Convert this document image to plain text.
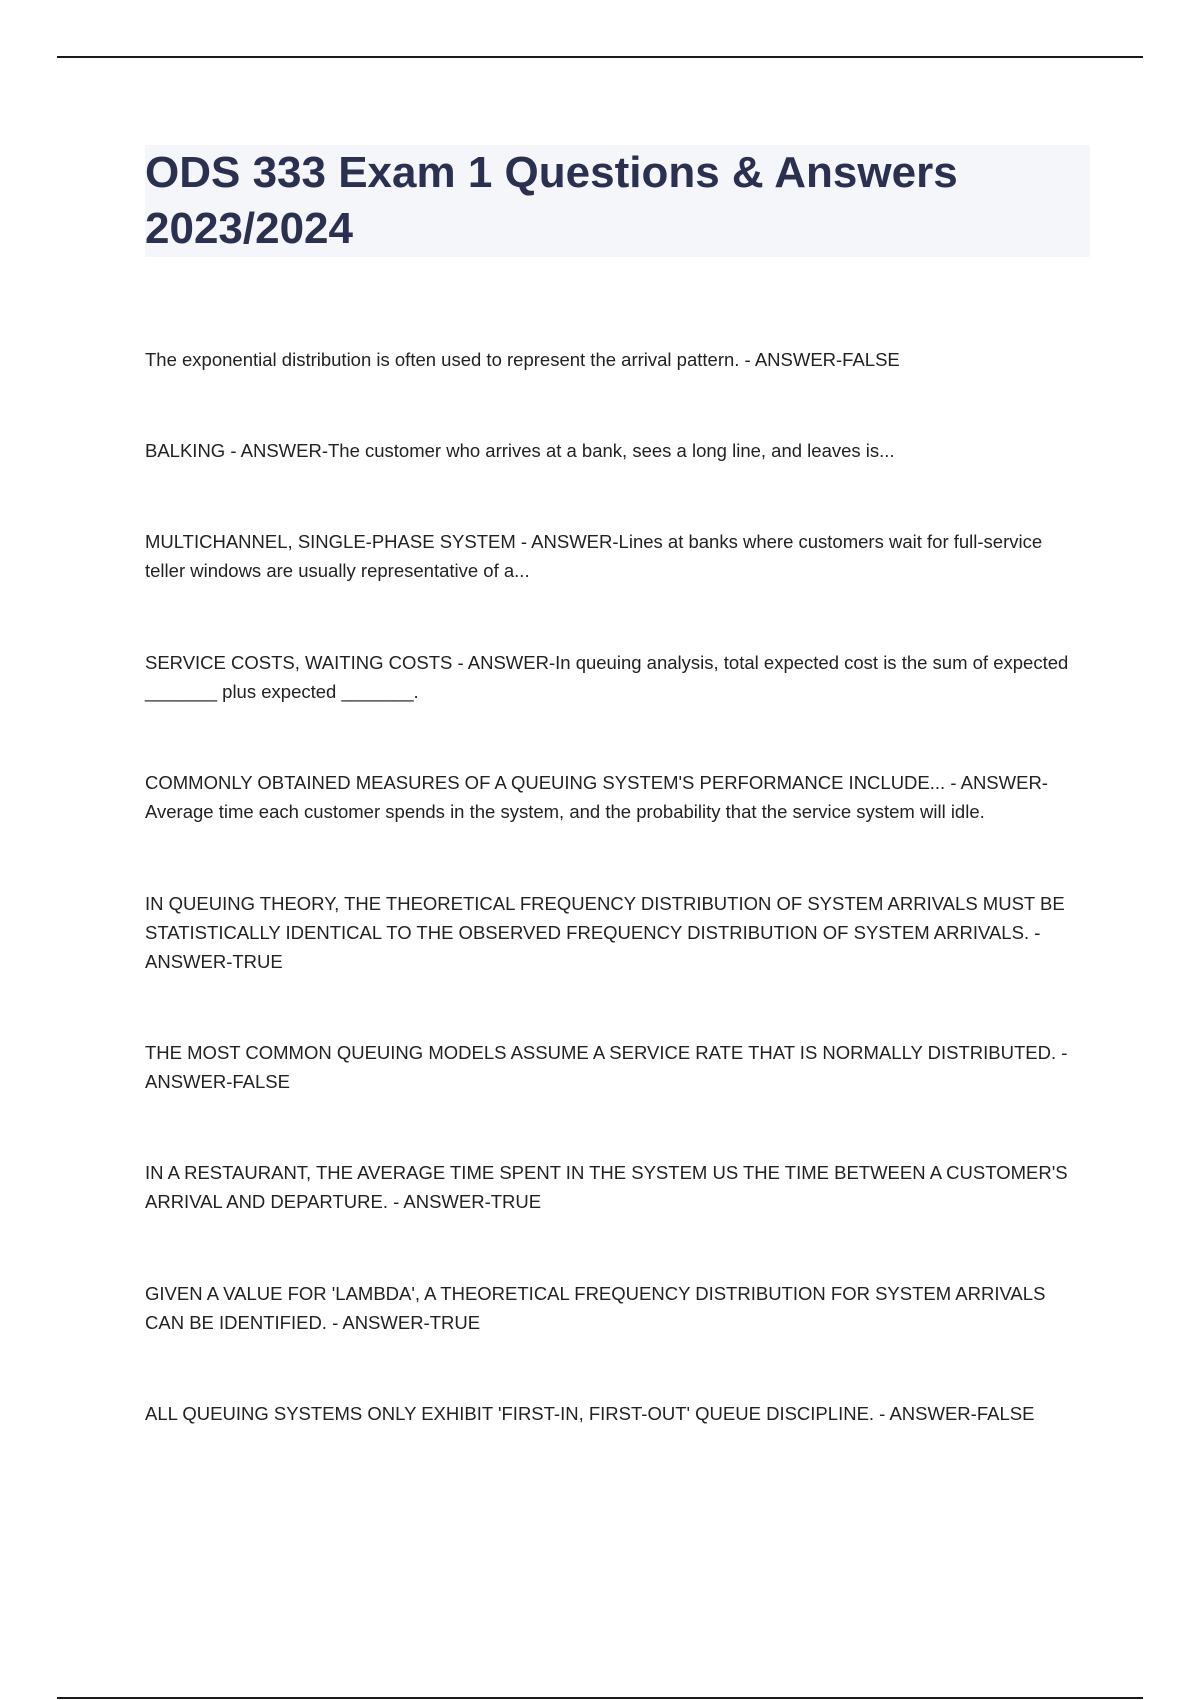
ODS 333 Exam 1 Questions & Answers 2023/2024

The exponential distribution is often used to represent the arrival pattern. - ANSWER-FALSE

BALKING - ANSWER-The customer who arrives at a bank, sees a long line, and leaves is...

MULTICHANNEL, SINGLE-PHASE SYSTEM - ANSWER-Lines at banks where customers wait for full-service teller windows are usually representative of a...

SERVICE COSTS, WAITING COSTS - ANSWER-In queuing analysis, total expected cost is the sum of expected _______ plus expected _______.

COMMONLY OBTAINED MEASURES OF A QUEUING SYSTEM'S PERFORMANCE INCLUDE... - ANSWER-Average time each customer spends in the system, and the probability that the service system will idle.

IN QUEUING THEORY, THE THEORETICAL FREQUENCY DISTRIBUTION OF SYSTEM ARRIVALS MUST BE STATISTICALLY IDENTICAL TO THE OBSERVED FREQUENCY DISTRIBUTION OF SYSTEM ARRIVALS. - ANSWER-TRUE

THE MOST COMMON QUEUING MODELS ASSUME A SERVICE RATE THAT IS NORMALLY DISTRIBUTED. - ANSWER-FALSE

IN A RESTAURANT, THE AVERAGE TIME SPENT IN THE SYSTEM US THE TIME BETWEEN A CUSTOMER'S ARRIVAL AND DEPARTURE. - ANSWER-TRUE

GIVEN A VALUE FOR 'LAMBDA', A THEORETICAL FREQUENCY DISTRIBUTION FOR SYSTEM ARRIVALS CAN BE IDENTIFIED. - ANSWER-TRUE

ALL QUEUING SYSTEMS ONLY EXHIBIT 'FIRST-IN, FIRST-OUT' QUEUE DISCIPLINE. - ANSWER-FALSE
